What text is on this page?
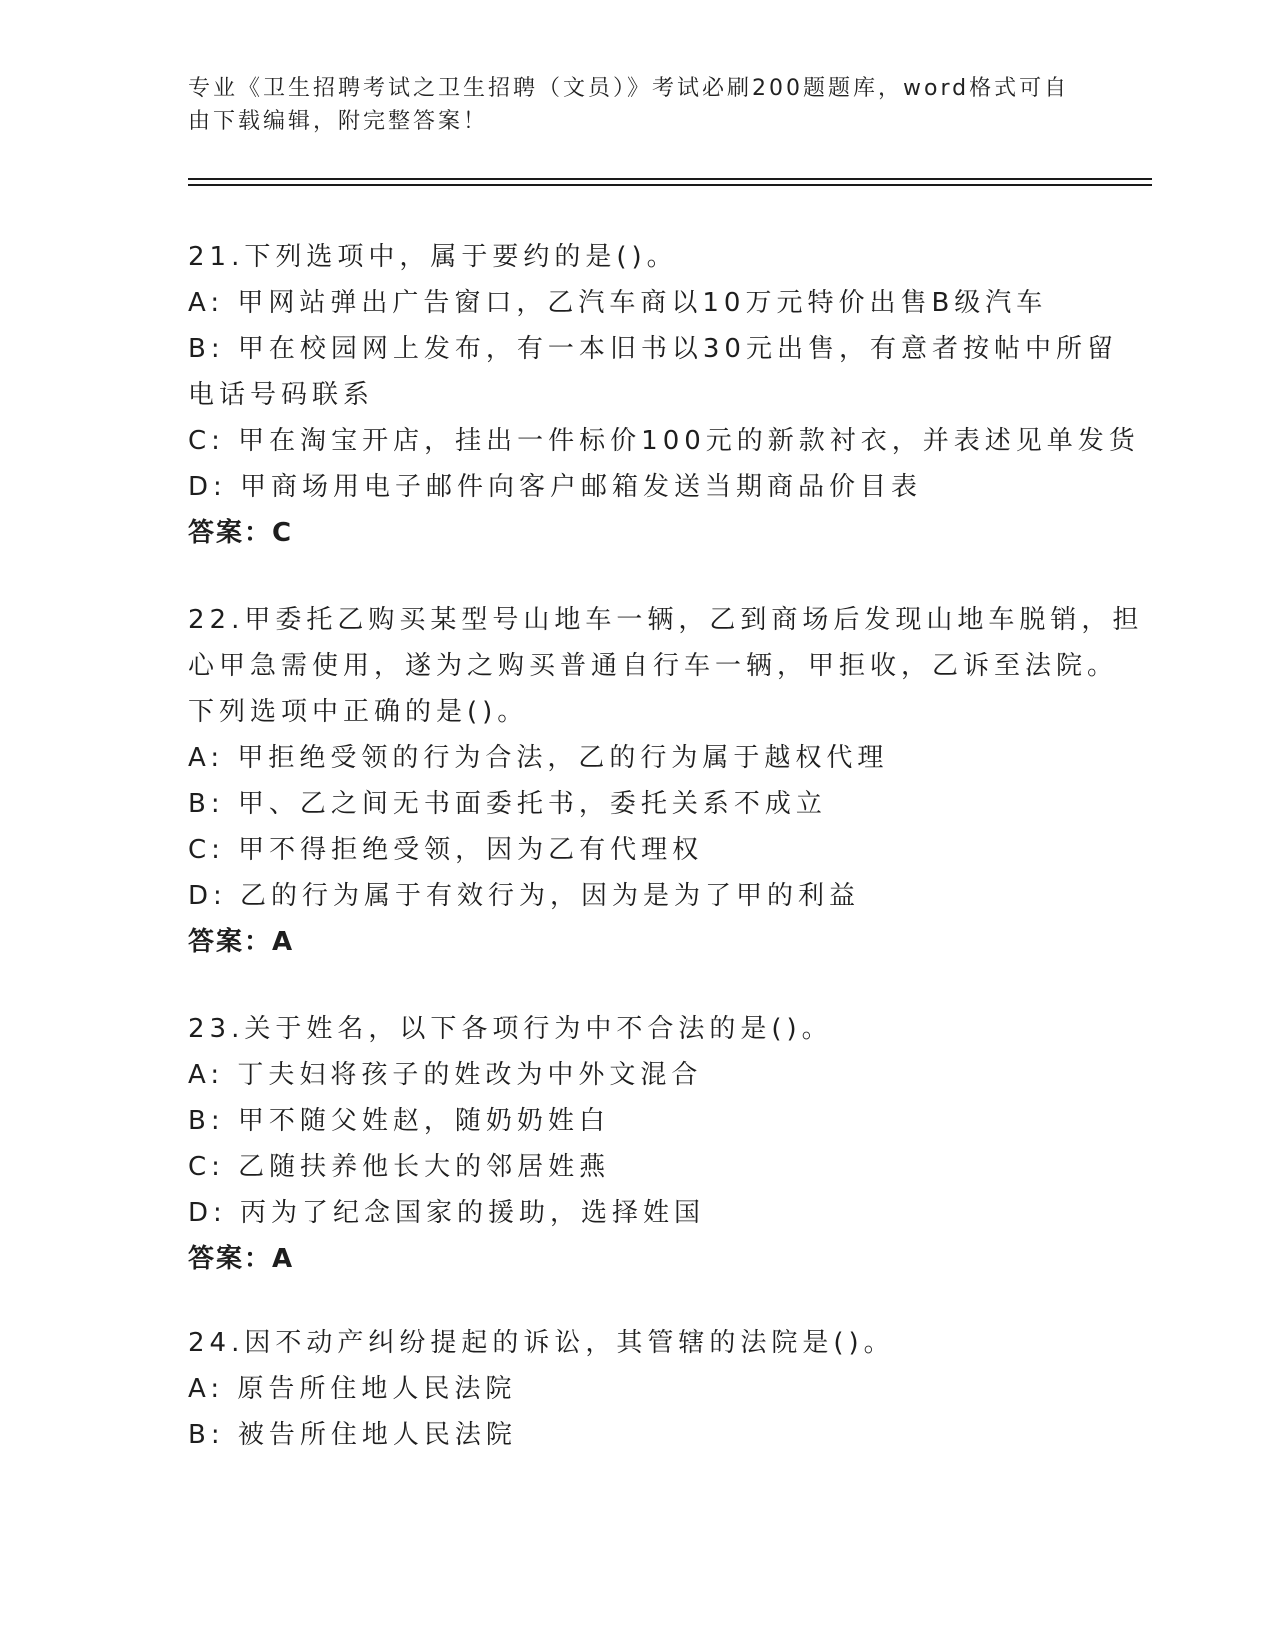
专业《卫生招聘考试之卫生招聘（文员）》考试必刷200题题库，word格式可自
由下载编辑，附完整答案！
21.下列选项中，属于要约的是()。
A: 甲网站弹出广告窗口，乙汽车商以10万元特价出售B级汽车
B: 甲在校园网上发布，有一本旧书以30元出售，有意者按帖中所留
电话号码联系
C: 甲在淘宝开店，挂出一件标价100元的新款衬衣，并表述见单发货
D: 甲商场用电子邮件向客户邮箱发送当期商品价目表
答案：C
22.甲委托乙购买某型号山地车一辆，乙到商场后发现山地车脱销，担
心甲急需使用，遂为之购买普通自行车一辆，甲拒收，乙诉至法院。
下列选项中正确的是()。
A: 甲拒绝受领的行为合法，乙的行为属于越权代理
B: 甲、乙之间无书面委托书，委托关系不成立
C: 甲不得拒绝受领，因为乙有代理权
D: 乙的行为属于有效行为，因为是为了甲的利益
答案：A
23.关于姓名，以下各项行为中不合法的是()。
A: 丁夫妇将孩子的姓改为中外文混合
B: 甲不随父姓赵，随奶奶姓白
C: 乙随扶养他长大的邻居姓燕
D: 丙为了纪念国家的援助，选择姓国
答案：A
24.因不动产纠纷提起的诉讼，其管辖的法院是()。
A: 原告所住地人民法院
B: 被告所住地人民法院
